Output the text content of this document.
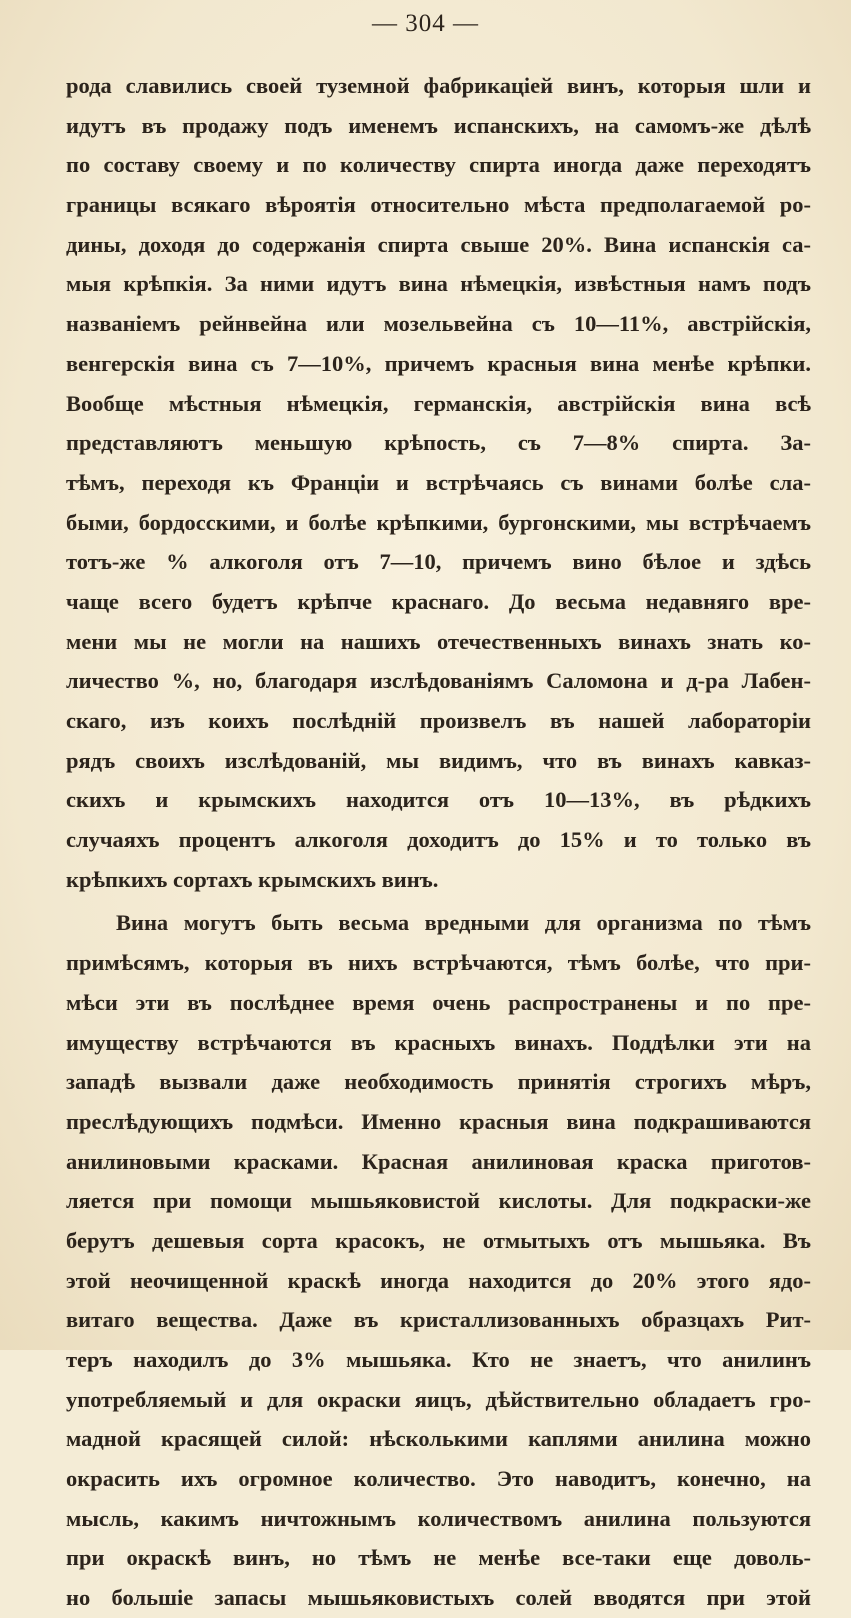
— 304 —
рода славились своей туземной фабрикаціей винъ, которыя шли и
идутъ въ продажу подъ именемъ испанскихъ, на самомъ-же дѣлѣ
по составу своему и по количеству спирта иногда даже переходятъ
границы всякаго вѣроятія относительно мѣста предполагаемой ро-
дины, доходя до содержанія спирта свыше 20%. Вина испанскія са-
мыя крѣпкія. За ними идутъ вина нѣмецкія, извѣстныя намъ подъ
названіемъ рейнвейна или мозельвейна съ 10—11%, австрійскія,
венгерскія вина съ 7—10%, причемъ красныя вина менѣе крѣпки.
Вообще мѣстныя нѣмецкія, германскія, австрійскія вина всѣ
представляютъ меньшую крѣпость, съ 7—8% спирта. За-
тѣмъ, переходя къ Франціи и встрѣчаясь съ винами болѣе сла-
быми, бордосскими, и болѣе крѣпкими, бургонскими, мы встрѣчаемъ
тотъ-же % алкоголя отъ 7—10, причемъ вино бѣлое и здѣсь
чаще всего будетъ крѣпче краснаго. До весьма недавняго вре-
мени мы не могли на нашихъ отечественныхъ винахъ знать ко-
личество %, но, благодаря изслѣдованіямъ Саломона и д-ра Лабен-
скаго, изъ коихъ послѣдній произвелъ въ нашей лабораторіи
рядъ своихъ изслѣдованій, мы видимъ, что въ винахъ кавказ-
скихъ и крымскихъ находится отъ 10—13%, въ рѣдкихъ
случаяхъ процентъ алкоголя доходитъ до 15% и то только въ
крѣпкихъ сортахъ крымскихъ винъ.
Вина могутъ быть весьма вредными для организма по тѣмъ
примѣсямъ, которыя въ нихъ встрѣчаются, тѣмъ болѣе, что при-
мѣси эти въ послѣднее время очень распространены и по пре-
имуществу встрѣчаются въ красныхъ винахъ. Поддѣлки эти на
западѣ вызвали даже необходимость принятія строгихъ мѣръ,
преслѣдующихъ подмѣси. Именно красныя вина подкрашиваются
анилиновыми красками. Красная анилиновая краска приготов-
ляется при помощи мышьяковистой кислоты. Для подкраски-же
берутъ дешевыя сорта красокъ, не отмытыхъ отъ мышьяка. Въ
этой неочищенной краскѣ иногда находится до 20% этого ядо-
витаго вещества. Даже въ кристаллизованныхъ образцахъ Рит-
теръ находилъ до 3% мышьяка. Кто не знаетъ, что анилинъ
употребляемый и для окраски яицъ, дѣйствительно обладаетъ гро-
мадной красящей силой: нѣсколькими каплями анилина можно
окрасить ихъ огромное количество. Это наводитъ, конечно, на
мысль, какимъ ничтожнымъ количествомъ анилина пользуются
при окраскѣ винъ, но тѣмъ не менѣе все-таки еще доволь-
но большіе запасы мышьяковистыхъ солей вводятся при этой
